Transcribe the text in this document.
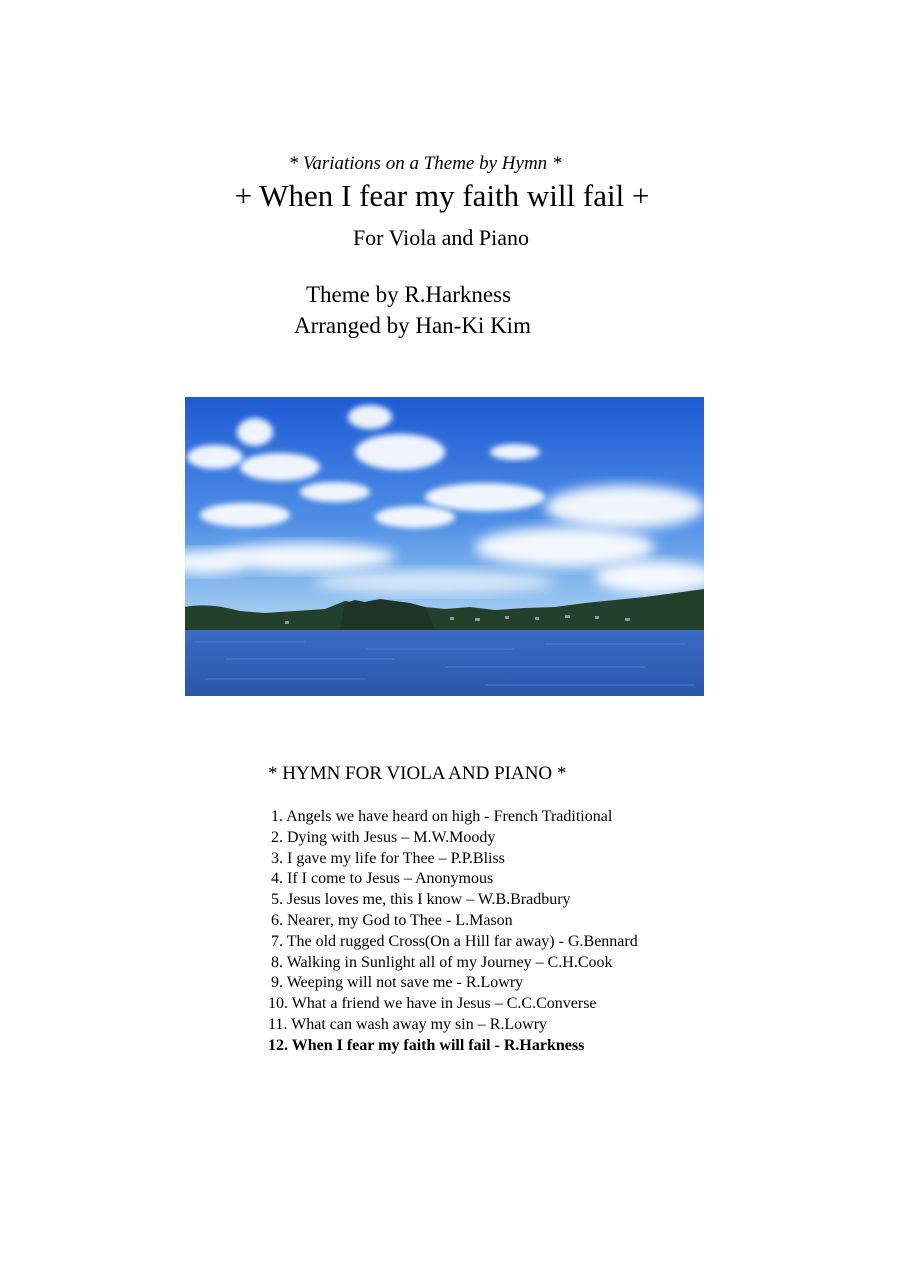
* Variations on a Theme by Hymn *
+ When I fear my faith will fail +
For Viola and Piano
Theme by R.Harkness
Arranged by Han-Ki Kim
* HYMN FOR VIOLA AND PIANO *
1. Angels we have heard on high - French Traditional
2. Dying with Jesus – M.W.Moody
3. I gave my life for Thee – P.P.Bliss
4. If I come to Jesus – Anonymous
5. Jesus loves me, this I know – W.B.Bradbury
6. Nearer, my God to Thee - L.Mason
7. The old rugged Cross(On a Hill far away) - G.Bennard
8. Walking in Sunlight all of my Journey – C.H.Cook
9. Weeping will not save me - R.Lowry
10. What a friend we have in Jesus – C.C.Converse
11. What can wash away my sin – R.Lowry
12. When I fear my faith will fail - R.Harkness
